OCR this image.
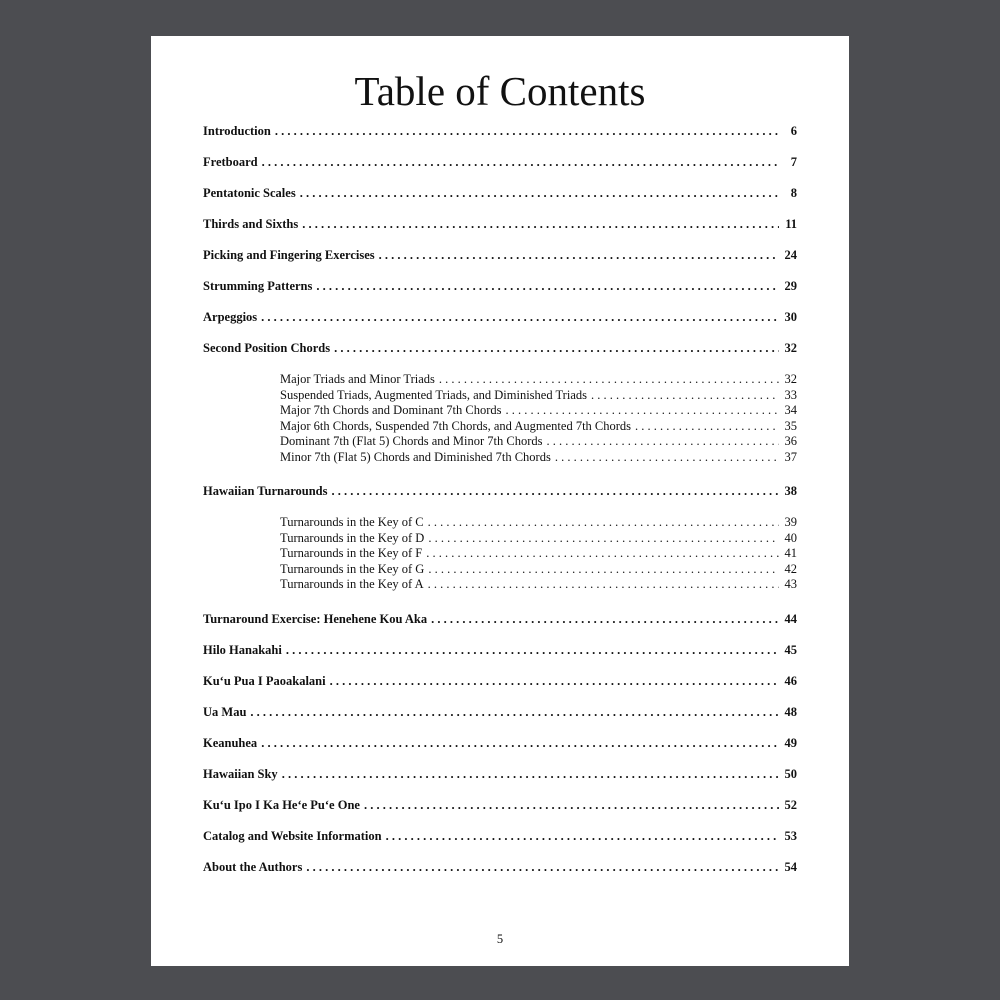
Table of Contents
Introduction . . .	6
Fretboard . . .	7
Pentatonic Scales . . .	8
Thirds and Sixths . . .	11
Picking and Fingering Exercises . . .	24
Strumming Patterns . . .	29
Arpeggios . . .	30
Second Position Chords . . .	32
Major Triads and Minor Triads . . .	32
Suspended Triads, Augmented Triads, and Diminished Triads . . .	33
Major 7th Chords and Dominant 7th Chords . . .	34
Major 6th Chords, Suspended 7th Chords, and Augmented 7th Chords . . .	35
Dominant 7th (Flat 5) Chords and Minor 7th Chords . . .	36
Minor 7th (Flat 5) Chords and Diminished 7th Chords . . .	37
Hawaiian Turnarounds . . .	38
Turnarounds in the Key of C . . .	39
Turnarounds in the Key of D . . .	40
Turnarounds in the Key of F . . .	41
Turnarounds in the Key of G . . .	42
Turnarounds in the Key of A . . .	43
Turnaround Exercise: Henehene Kou Aka . . .	44
Hilo Hanakahi . . .	45
Ku‘u Pua I Paoakalani . . .	46
Ua Mau . . .	48
Keanuhea . . .	49
Hawaiian Sky . . .	50
Ku‘u Ipo I Ka He‘e Pu‘e One . . .	52
Catalog and Website Information . . .	53
About the Authors . . .	54
5
